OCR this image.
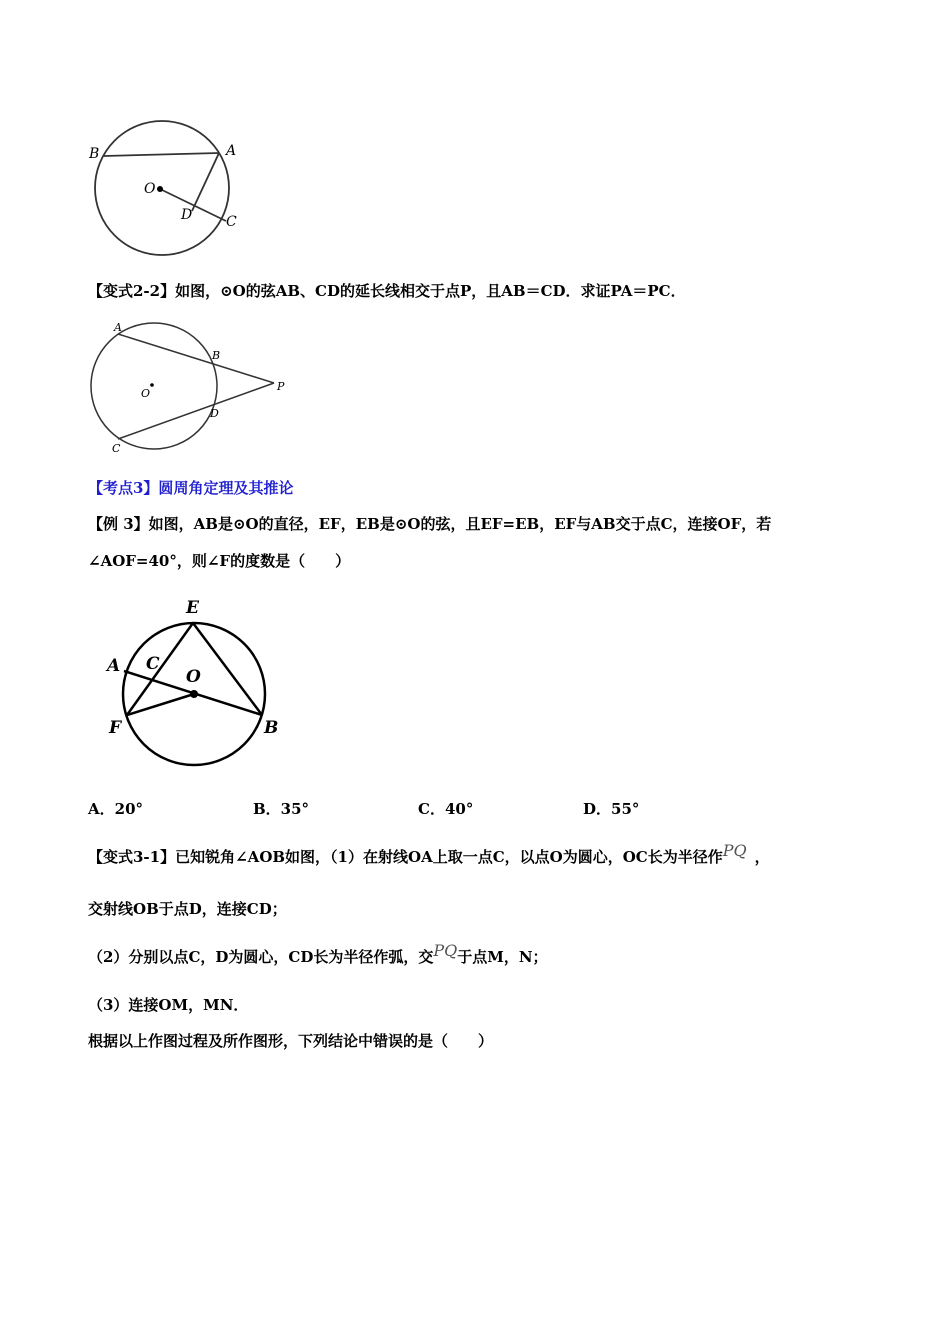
B	A
O
D C
【变式2-2】如图，⊙O的弦AB、CD的延长线相交于点P，且AB＝CD．求证PA＝PC．
A
B
P
O
D
C
【考点3】圆周角定理及其推论
【例 3】如图，AB是⊙O的直径，EF，EB是⊙O的弦，且EF=EB，EF与AB交于点C，连接OF，若
∠AOF=40°，则∠F的度数是（　　）
E
A C
O
F	B
A．20°	B．35°	C．40°	D．55°
【变式3-1】已知锐角∠AOB如图，（1）在射线OA上取一点C，以点O为圆心，OC长为半径作PQ ，
交射线OB于点D，连接CD；
（2）分别以点C，D为圆心，CD长为半径作弧，交PQ于点M，N；
（3）连接OM，MN．
根据以上作图过程及所作图形，下列结论中错误的是（　　）
